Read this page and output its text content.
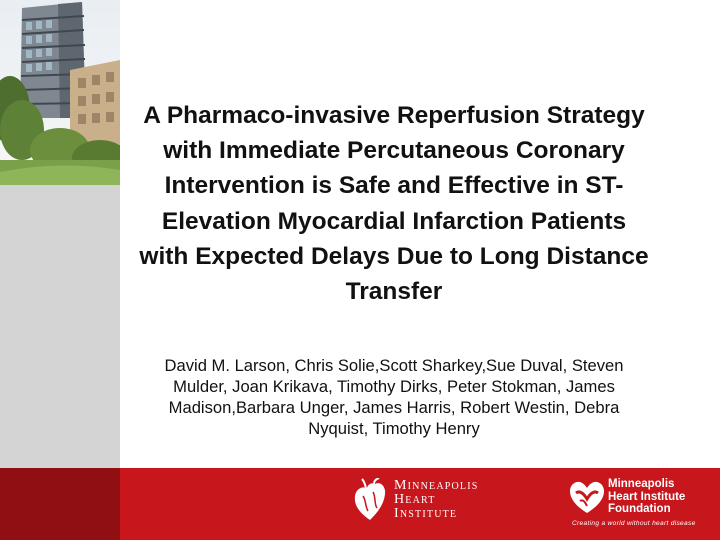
A Pharmaco-invasive Reperfusion Strategy with Immediate Percutaneous Coronary Intervention is Safe and Effective in ST-Elevation Myocardial Infarction Patients with Expected Delays Due to Long Distance Transfer

David M. Larson, Chris Solie,Scott Sharkey,Sue Duval, Steven Mulder, Joan Krikava, Timothy Dirks, Peter Stokman, James Madison,Barbara Unger, James Harris, Robert Westin, Debra Nyquist, Timothy Henry

Minneapolis
Heart
Institute
Minneapolis
Heart Institute
Foundation
Creating a world without heart disease
